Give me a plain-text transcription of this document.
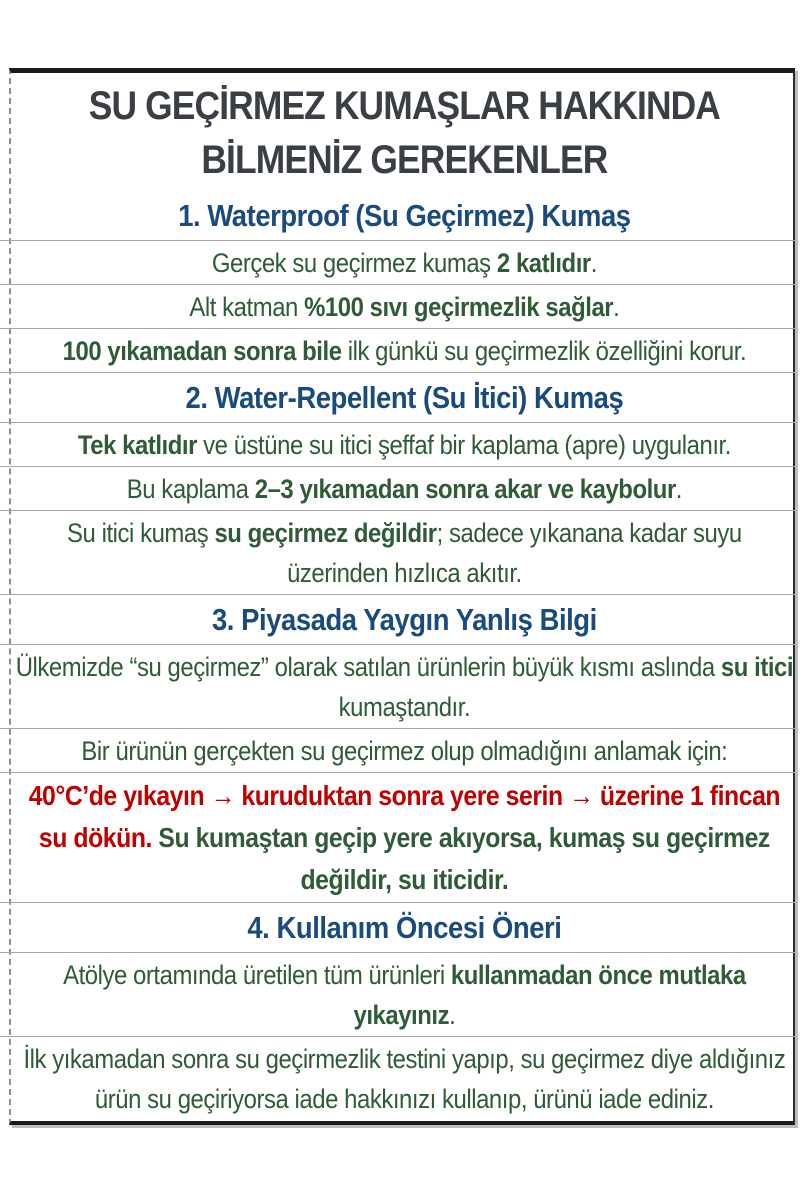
SU GEÇİRMEZ KUMAŞLAR HAKKINDA
BİLMENİZ GEREKENLER
1. Waterproof (Su Geçirmez) Kumaş
Gerçek su geçirmez kumaş 2 katlıdır.
Alt katman %100 sıvı geçirmezlik sağlar.
100 yıkamadan sonra bile ilk günkü su geçirmezlik özelliğini korur.
2. Water-Repellent (Su İtici) Kumaş
Tek katlıdır ve üstüne su itici şeffaf bir kaplama (apre) uygulanır.
Bu kaplama 2–3 yıkamadan sonra akar ve kaybolur.
Su itici kumaş su geçirmez değildir; sadece yıkanana kadar suyu üzerinden hızlıca akıtır.
3. Piyasada Yaygın Yanlış Bilgi
Ülkemizde “su geçirmez” olarak satılan ürünlerin büyük kısmı aslında su itici kumaştandır.
Bir ürünün gerçekten su geçirmez olup olmadığını anlamak için:
40°C’de yıkayın → kuruduktan sonra yere serin → üzerine 1 fincan su dökün. Su kumaştan geçip yere akıyorsa, kumaş su geçirmez değildir, su iticidir.
4. Kullanım Öncesi Öneri
Atölye ortamında üretilen tüm ürünleri kullanmadan önce mutlaka yıkayınız.
İlk yıkamadan sonra su geçirmezlik testini yapıp, su geçirmez diye aldığınız ürün su geçiriyorsa iade hakkınızı kullanıp, ürünü iade ediniz.
